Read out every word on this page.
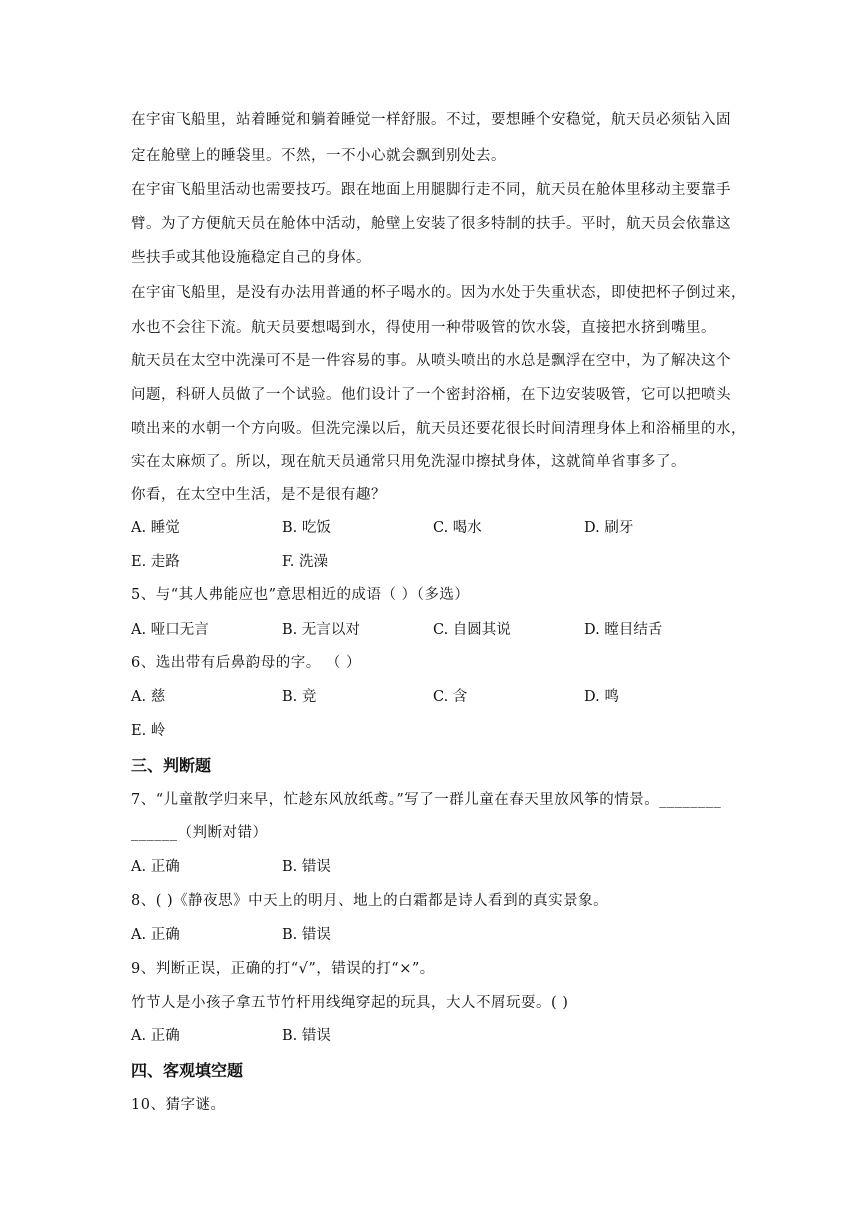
在宇宙飞船里，站着睡觉和躺着睡觉一样舒服。不过，要想睡个安稳觉，航天员必须钻入固
定在舱壁上的睡袋里。不然，一不小心就会飘到别处去。
在宇宙飞船里活动也需要技巧。跟在地面上用腿脚行走不同，航天员在舱体里移动主要靠手
臂。为了方便航天员在舱体中活动，舱壁上安装了很多特制的扶手。平时，航天员会依靠这
些扶手或其他设施稳定自己的身体。
在宇宙飞船里，是没有办法用普通的杯子喝水的。因为水处于失重状态，即使把杯子倒过来，
水也不会往下流。航天员要想喝到水，得使用一种带吸管的饮水袋，直接把水挤到嘴里。
航天员在太空中洗澡可不是一件容易的事。从喷头喷出的水总是飘浮在空中，为了解决这个
问题，科研人员做了一个试验。他们设计了一个密封浴桶，在下边安装吸管，它可以把喷头
喷出来的水朝一个方向吸。但洗完澡以后，航天员还要花很长时间清理身体上和浴桶里的水，
实在太麻烦了。所以，现在航天员通常只用免洗湿巾擦拭身体，这就简单省事多了。
你看，在太空中生活，是不是很有趣？
A. 睡觉	B. 吃饭	C. 喝水	D. 刷牙
E. 走路	F. 洗澡
5、与“其人弗能应也”意思相近的成语（ ）（多选）
A. 哑口无言	B. 无言以对	C. 自圆其说	D. 瞠目结舌
6、选出带有后鼻韵母的字。 （ ）
A. 慈	B. 竞	C. 含	D. 鸣
E. 岭
三、判断题
7、“儿童散学归来早，忙趁东风放纸鸢。”写了一群儿童在春天里放风筝的情景。________
______（判断对错）
A. 正确	B. 错误
8、( )《静夜思》中天上的明月、地上的白霜都是诗人看到的真实景象。
A. 正确	B. 错误
9、判断正误，正确的打“√”，错误的打“×”。
竹节人是小孩子拿五节竹杆用线绳穿起的玩具，大人不屑玩耍。( )
A. 正确	B. 错误
四、客观填空题
10、猜字谜。
